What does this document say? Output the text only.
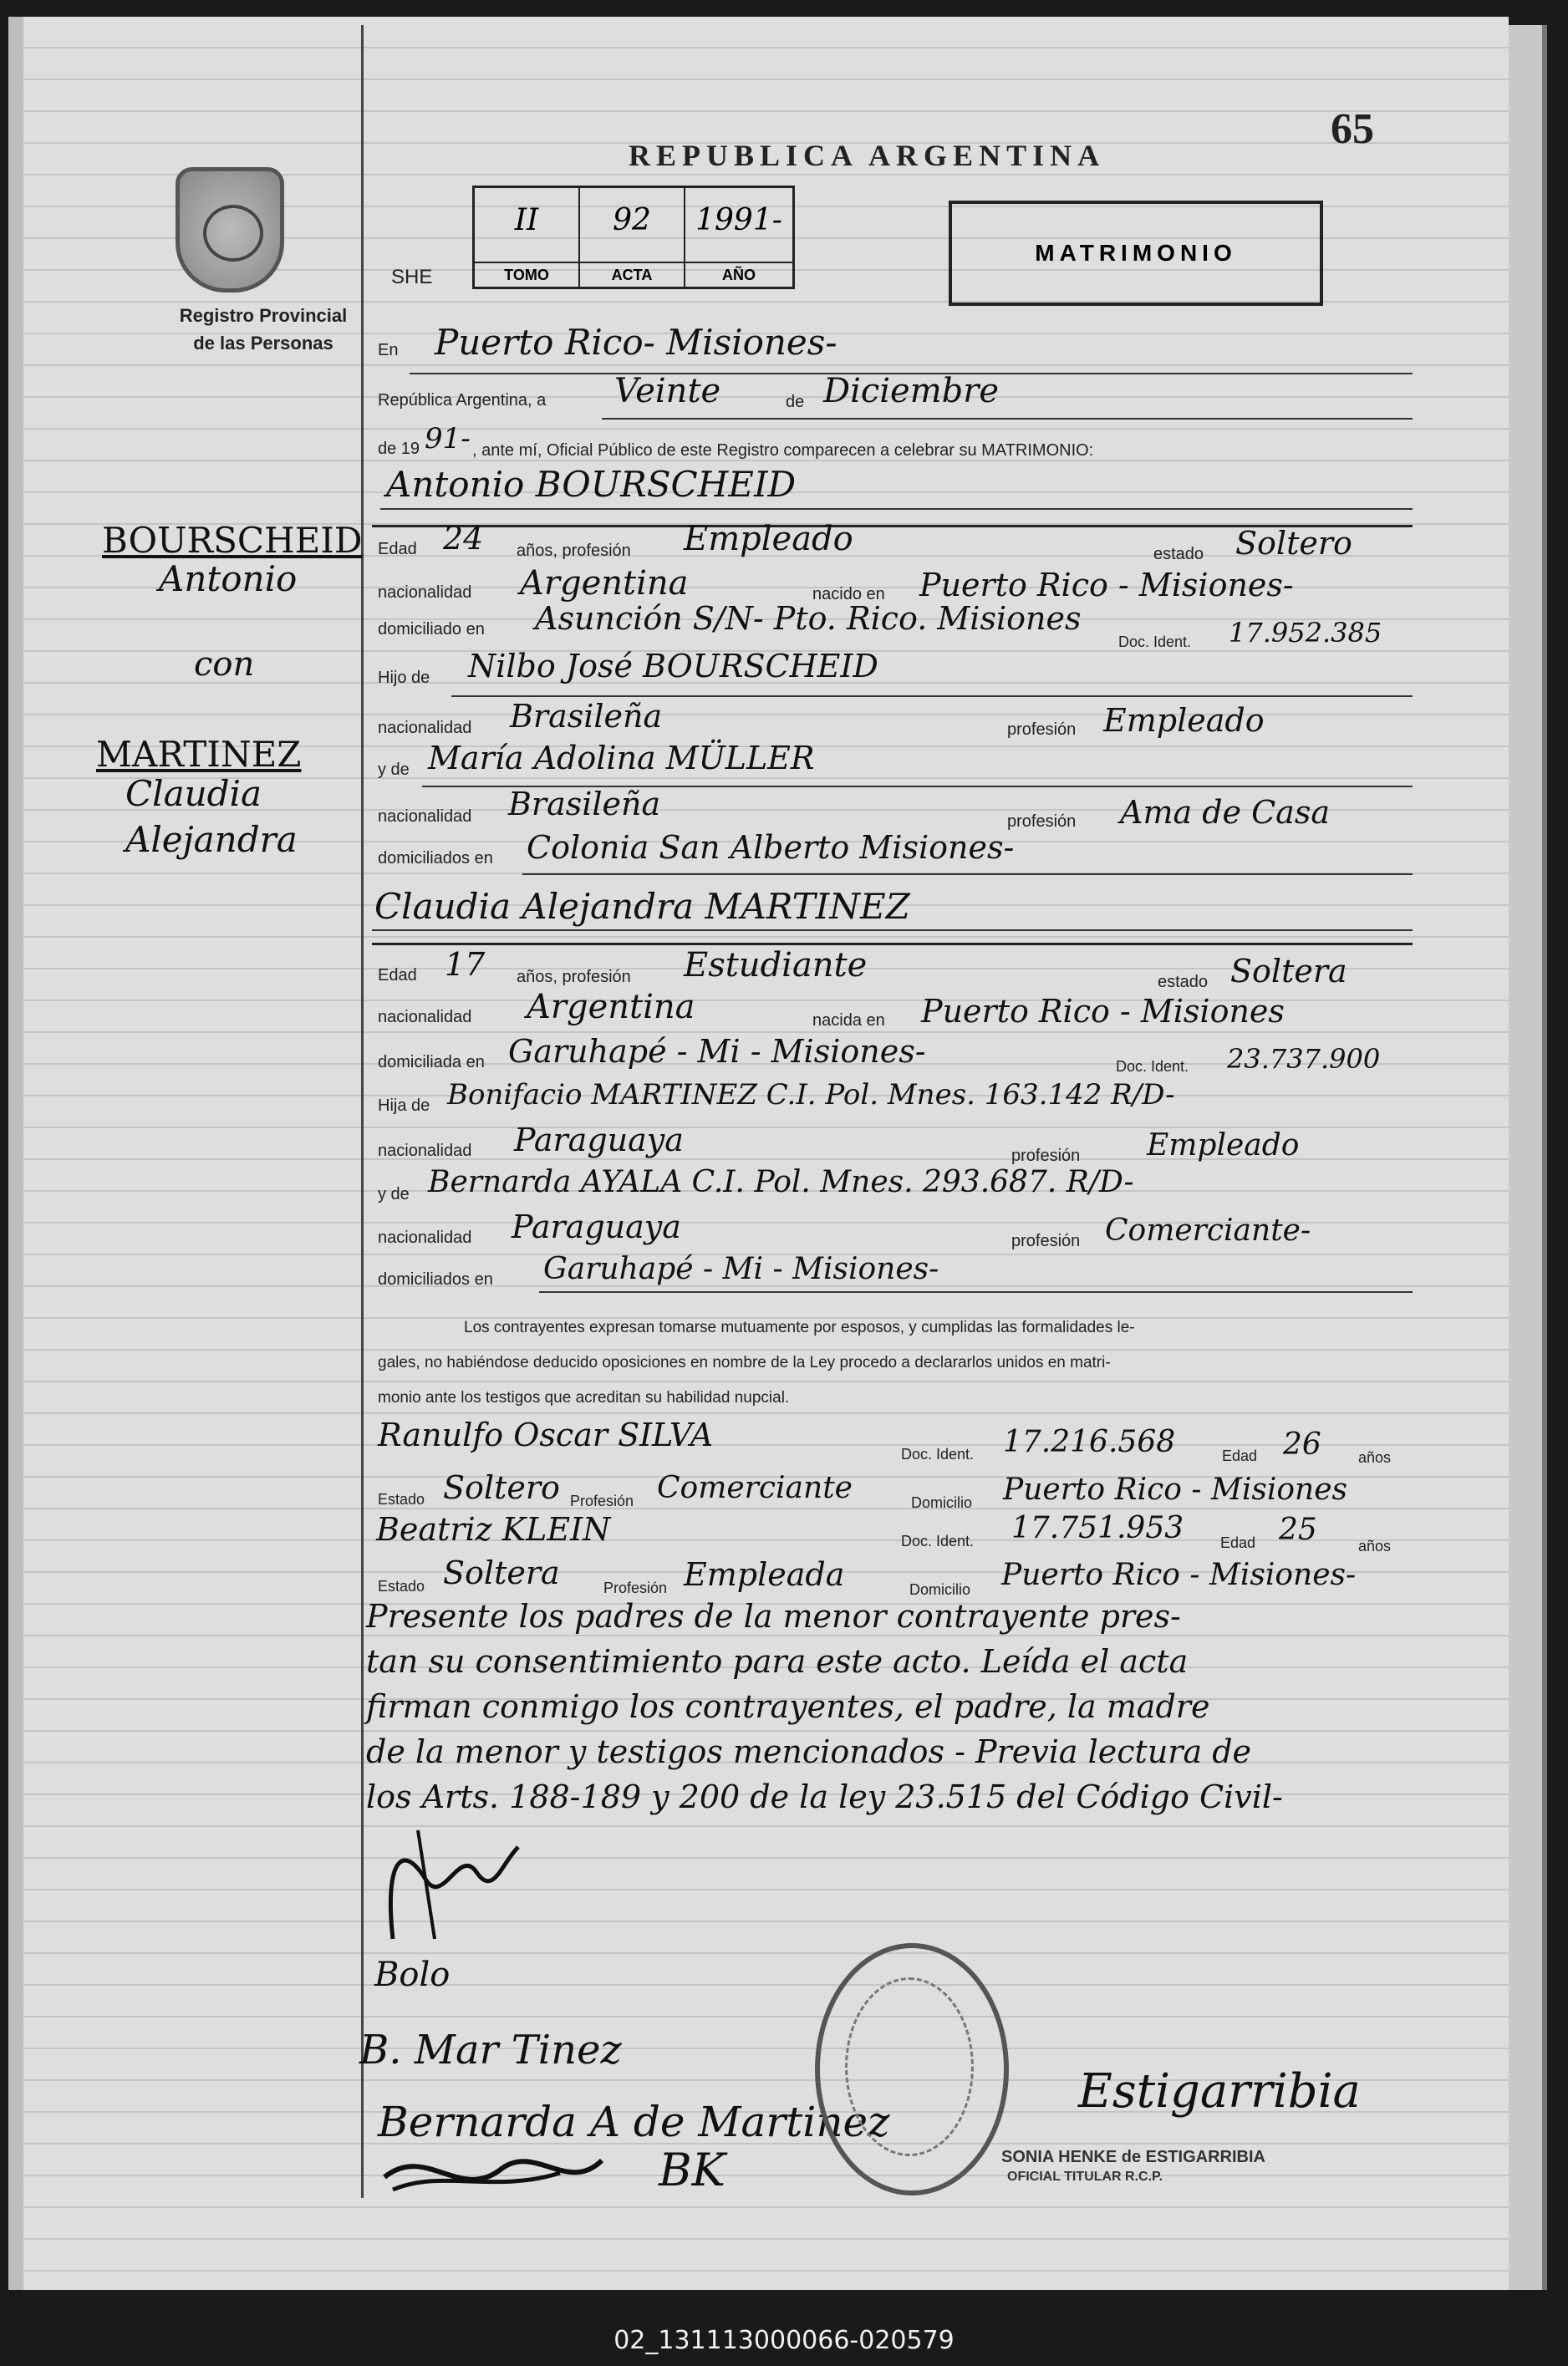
65
REPUBLICA ARGENTINA
Registro Provincial
de las Personas
SHE
II
TOMO
92
ACTA
1991-
AÑO
MATRIMONIO
BOURSCHEID
Antonio
con
MARTINEZ
Claudia
Alejandra
En Puerto Rico- Misiones-
República Argentina, a Veinte	de Diciembre
de 19 91- , ante mí, Oficial Público de este Registro comparecen a celebrar su MATRIMONIO:
Antonio BOURSCHEID
Edad 24 años, profesión Empleado	estado Soltero
nacionalidad Argentina	nacido en Puerto Rico - Misiones-
domiciliado en Asunción S/N- Pto. Rico. Misiones
Doc. Ident. 17.952.385
Hijo de Nilbo José BOURSCHEID
nacionalidad Brasileña	profesión Empleado
y de María Adolina MÜLLER
nacionalidad Brasileña	profesión Ama de Casa
domiciliados en Colonia San Alberto Misiones-
Claudia Alejandra MARTINEZ
Edad 17 años, profesión Estudiante	estado Soltera
nacionalidad Argentina	nacida en Puerto Rico - Misiones
domiciliada en Garuhapé - Mi - Misiones-	Doc. Ident. 23.737.900
Hija de Bonifacio MARTINEZ C.I. Pol. Mnes. 163.142 R/D-
nacionalidad Paraguaya	profesión Empleado
y de Bernarda AYALA C.I. Pol. Mnes. 293.687. R/D-
nacionalidad Paraguaya	profesión Comerciante-
domiciliados en Garuhapé - Mi - Misiones-
Los contrayentes expresan tomarse mutuamente por esposos, y cumplidas las formalidades le-
gales, no habiéndose deducido oposiciones en nombre de la Ley procedo a declararlos unidos en matri-
monio ante los testigos que acreditan su habilidad nupcial.
Ranulfo Oscar SILVA
Doc. Ident. 17.216.568	Edad 26 años
Estado Soltero Profesión Comerciante	Domicilio Puerto Rico - Misiones
Beatriz KLEIN	Doc. Ident. 17.751.953 Edad 25	años
Estado Soltera	Profesión Empleada	Domicilio Puerto Rico - Misiones-
Presente los padres de la menor contrayente pres-
tan su consentimiento para este acto. Leída el acta
firman conmigo los contrayentes, el padre, la madre
de la menor y testigos mencionados - Previa lectura de
los Arts. 188-189 y 200 de la ley 23.515 del Código Civil-
Bolo
B. Mar Tinez
Bernarda A de Martinez
BK
Estigarribia
SONIA HENKE de ESTIGARRIBIA
OFICIAL TITULAR R.C.P.
02_131113000066-020579
